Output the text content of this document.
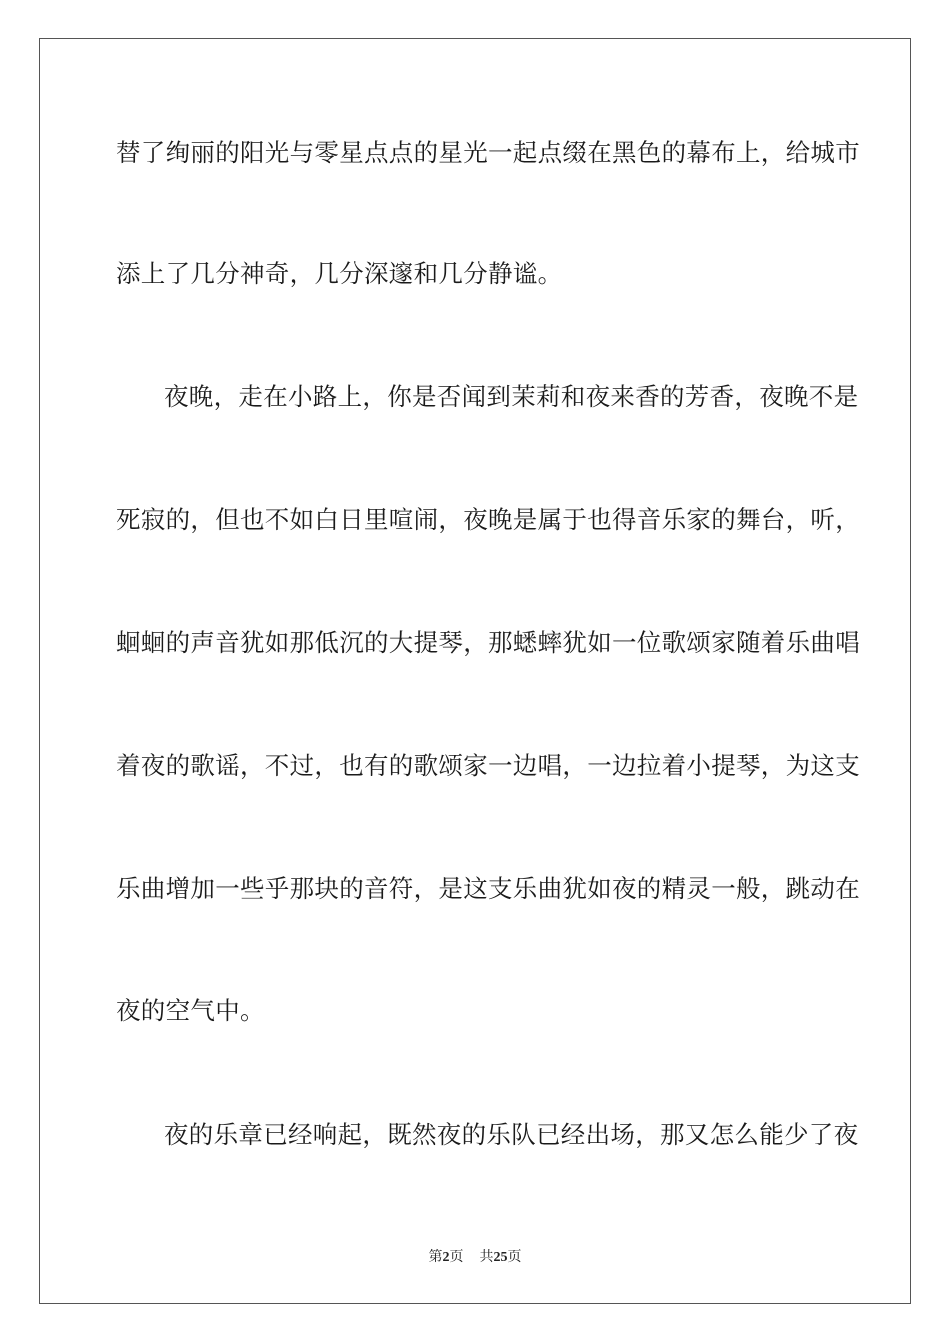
替了绚丽的阳光与零星点点的星光一起点缀在黑色的幕布上，给城市
添上了几分神奇，几分深邃和几分静谧。
夜晚，走在小路上，你是否闻到茉莉和夜来香的芳香，夜晚不是
死寂的，但也不如白日里喧闹，夜晚是属于也得音乐家的舞台，听，
蛔蛔的声音犹如那低沉的大提琴，那蟋蟀犹如一位歌颂家随着乐曲唱
着夜的歌谣，不过，也有的歌颂家一边唱，一边拉着小提琴，为这支
乐曲增加一些乎那块的音符，是这支乐曲犹如夜的精灵一般，跳动在
夜的空气中。
夜的乐章已经响起，既然夜的乐队已经出场，那又怎么能少了夜
第2页 共25页
